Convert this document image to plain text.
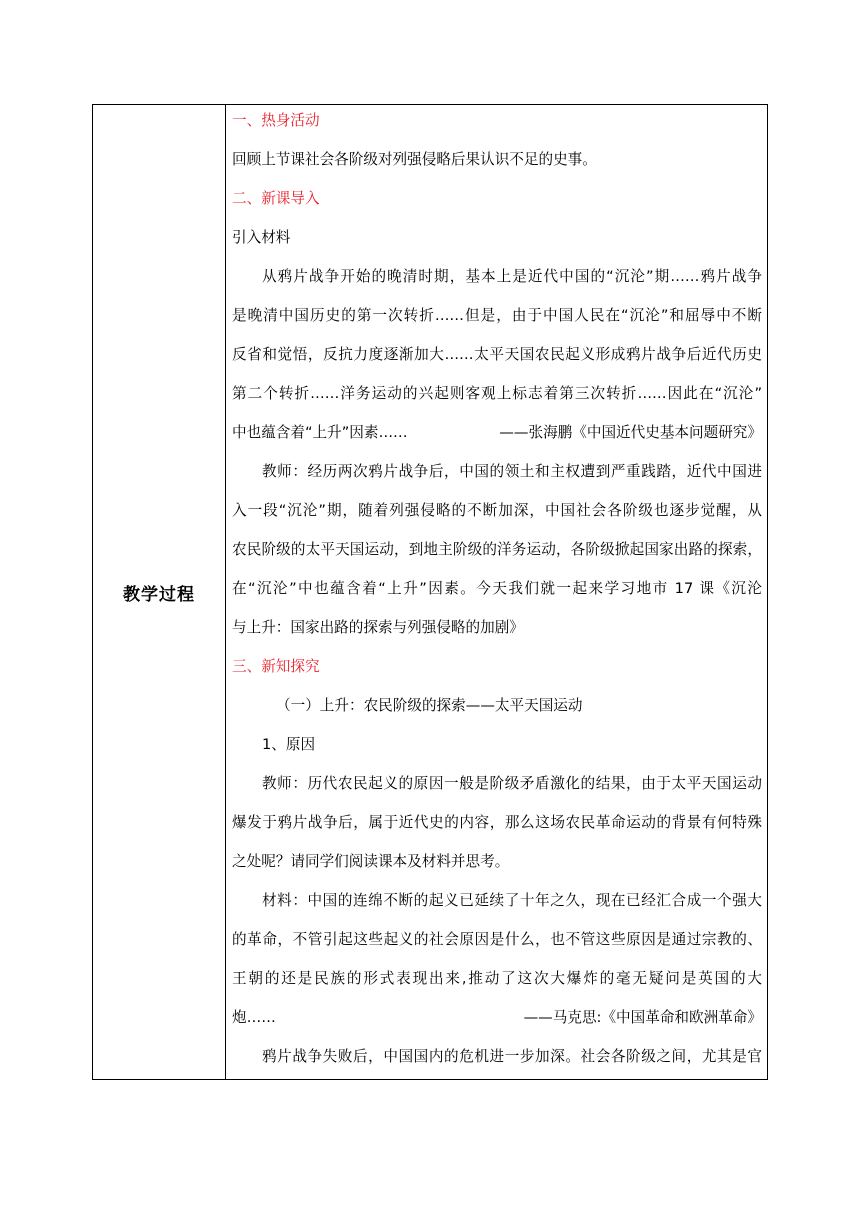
教学过程
一、热身活动
回顾上节课社会各阶级对列强侵略后果认识不足的史事。
二、新课导入
引入材料
从鸦片战争开始的晚清时期，基本上是近代中国的“沉沦”期……鸦片战争
是晚清中国历史的第一次转折……但是，由于中国人民在“沉沦”和屈辱中不断
反省和觉悟，反抗力度逐渐加大……太平天国农民起义形成鸦片战争后近代历史
第二个转折……洋务运动的兴起则客观上标志着第三次转折……因此在“沉沦”
中也蕴含着“上升”因素……	——张海鹏《中国近代史基本问题研究》
教师：经历两次鸦片战争后，中国的领土和主权遭到严重践踏，近代中国进
入一段“沉沦”期，随着列强侵略的不断加深，中国社会各阶级也逐步觉醒，从
农民阶级的太平天国运动，到地主阶级的洋务运动，各阶级掀起国家出路的探索，
在“沉沦”中也蕴含着“上升”因素。今天我们就一起来学习地市 17 课《沉沦
与上升：国家出路的探索与列强侵略的加剧》
三、新知探究
（一）上升：农民阶级的探索——太平天国运动
1、原因
教师：历代农民起义的原因一般是阶级矛盾激化的结果，由于太平天国运动
爆发于鸦片战争后，属于近代史的内容，那么这场农民革命运动的背景有何特殊
之处呢？请同学们阅读课本及材料并思考。
材料：中国的连绵不断的起义已延续了十年之久，现在已经汇合成一个强大
的革命，不管引起这些起义的社会原因是什么，也不管这些原因是通过宗教的、
王朝的还是民族的形式表现出来,推动了这次大爆炸的毫无疑问是英国的大
炮……	——马克思:《中国革命和欧洲革命》
鸦片战争失败后，中国国内的危机进一步加深。社会各阶级之间，尤其是官
